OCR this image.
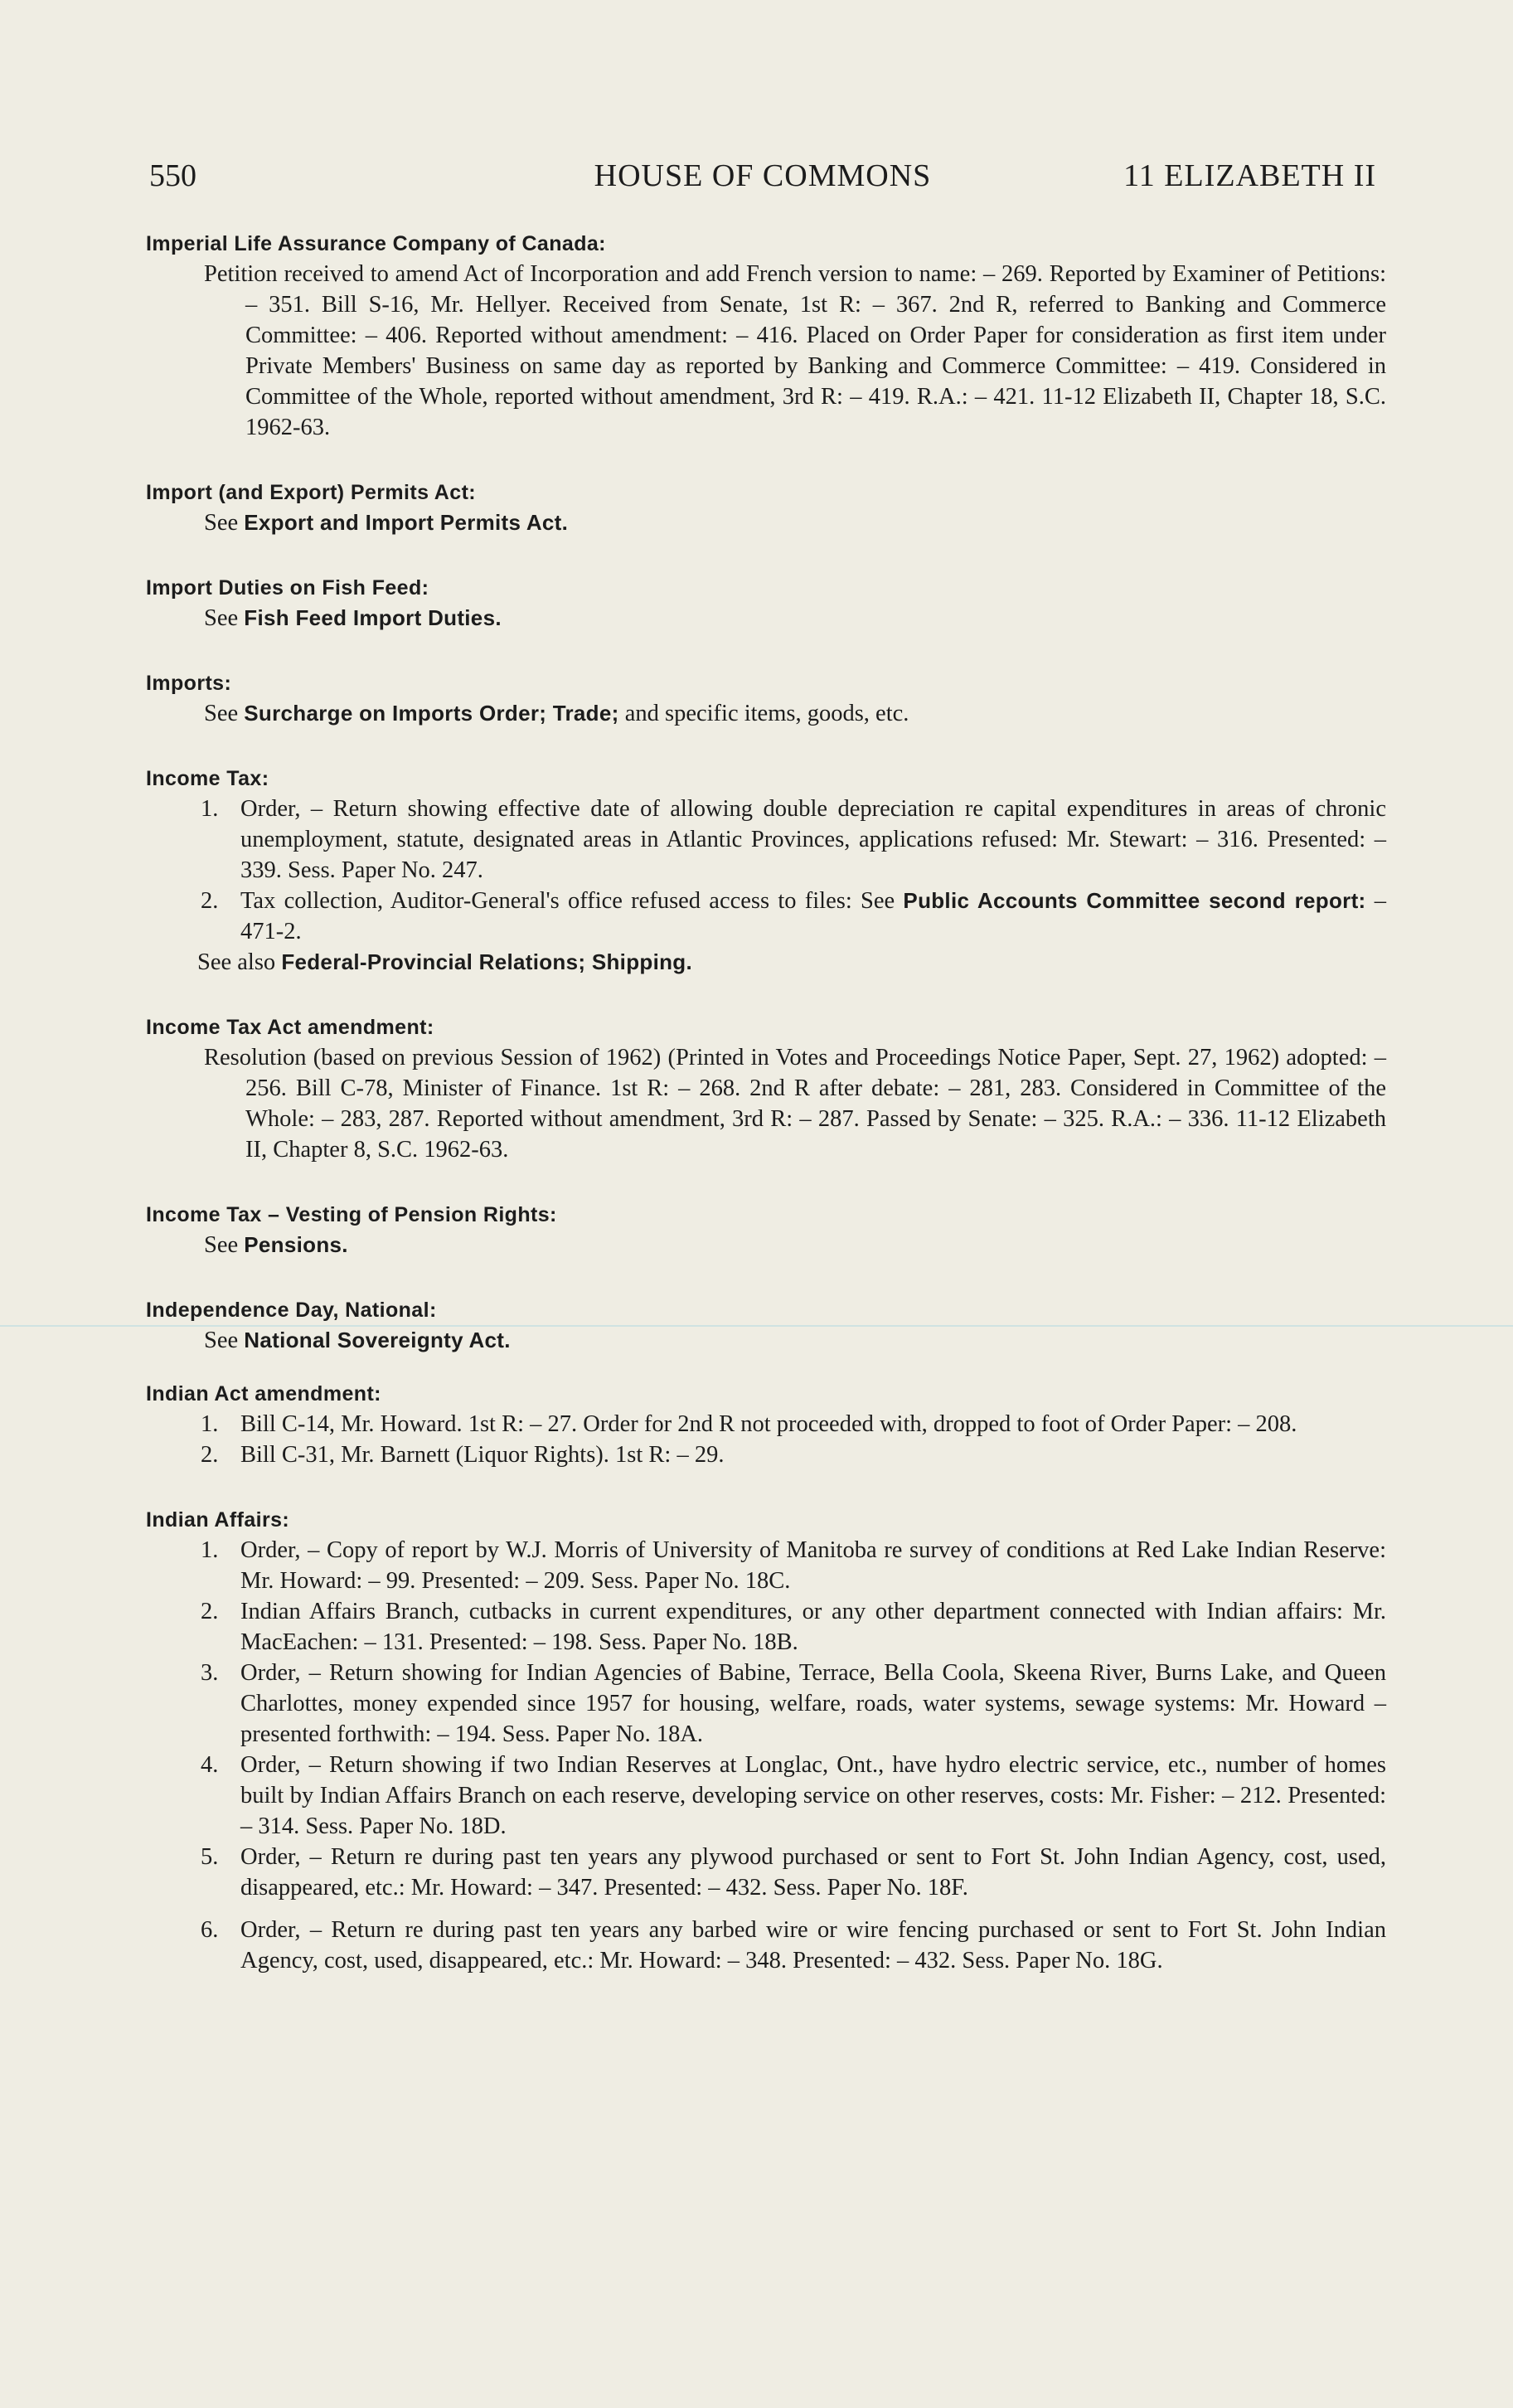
550	HOUSE OF COMMONS	11 ELIZABETH II
Imperial Life Assurance Company of Canada:
Petition received to amend Act of Incorporation and add French version to name: – 269. Reported by Examiner of Petitions: – 351. Bill S-16, Mr. Hellyer. Received from Senate, 1st R: – 367. 2nd R, referred to Banking and Commerce Committee: – 406. Reported without amendment: – 416. Placed on Order Paper for consideration as first item under Private Members' Business on same day as reported by Banking and Commerce Committee: – 419. Considered in Committee of the Whole, reported without amendment, 3rd R: – 419. R.A.: – 421. 11-12 Elizabeth II, Chapter 18, S.C. 1962-63.
Import (and Export) Permits Act:
See Export and Import Permits Act.
Import Duties on Fish Feed:
See Fish Feed Import Duties.
Imports:
See Surcharge on Imports Order; Trade; and specific items, goods, etc.
Income Tax:
1. Order, – Return showing effective date of allowing double depreciation re capital expenditures in areas of chronic unemployment, statute, designated areas in Atlantic Provinces, applications refused: Mr. Stewart: – 316. Presented: – 339. Sess. Paper No. 247.
2. Tax collection, Auditor-General's office refused access to files: See Public Accounts Committee second report: – 471-2.
See also Federal-Provincial Relations; Shipping.
Income Tax Act amendment:
Resolution (based on previous Session of 1962) (Printed in Votes and Proceedings Notice Paper, Sept. 27, 1962) adopted: – 256. Bill C-78, Minister of Finance. 1st R: – 268. 2nd R after debate: – 281, 283. Considered in Committee of the Whole: – 283, 287. Reported without amendment, 3rd R: – 287. Passed by Senate: – 325. R.A.: – 336. 11-12 Elizabeth II, Chapter 8, S.C. 1962-63.
Income Tax – Vesting of Pension Rights:
See Pensions.
Independence Day, National:
See National Sovereignty Act.
Indian Act amendment:
1. Bill C-14, Mr. Howard. 1st R: – 27. Order for 2nd R not proceeded with, dropped to foot of Order Paper: – 208.
2. Bill C-31, Mr. Barnett (Liquor Rights). 1st R: – 29.
Indian Affairs:
1. Order, – Copy of report by W.J. Morris of University of Manitoba re survey of conditions at Red Lake Indian Reserve: Mr. Howard: – 99. Presented: – 209. Sess. Paper No. 18C.
2. Indian Affairs Branch, cutbacks in current expenditures, or any other department connected with Indian affairs: Mr. MacEachen: – 131. Presented: – 198. Sess. Paper No. 18B.
3. Order, – Return showing for Indian Agencies of Babine, Terrace, Bella Coola, Skeena River, Burns Lake, and Queen Charlottes, money expended since 1957 for housing, welfare, roads, water systems, sewage systems: Mr. Howard – presented forthwith: – 194. Sess. Paper No. 18A.
4. Order, – Return showing if two Indian Reserves at Longlac, Ont., have hydro electric service, etc., number of homes built by Indian Affairs Branch on each reserve, developing service on other reserves, costs: Mr. Fisher: – 212. Presented: – 314. Sess. Paper No. 18D.
5. Order, – Return re during past ten years any plywood purchased or sent to Fort St. John Indian Agency, cost, used, disappeared, etc.: Mr. Howard: – 347. Presented: – 432. Sess. Paper No. 18F.
6. Order, – Return re during past ten years any barbed wire or wire fencing purchased or sent to Fort St. John Indian Agency, cost, used, disappeared, etc.: Mr. Howard: – 348. Presented: – 432. Sess. Paper No. 18G.
